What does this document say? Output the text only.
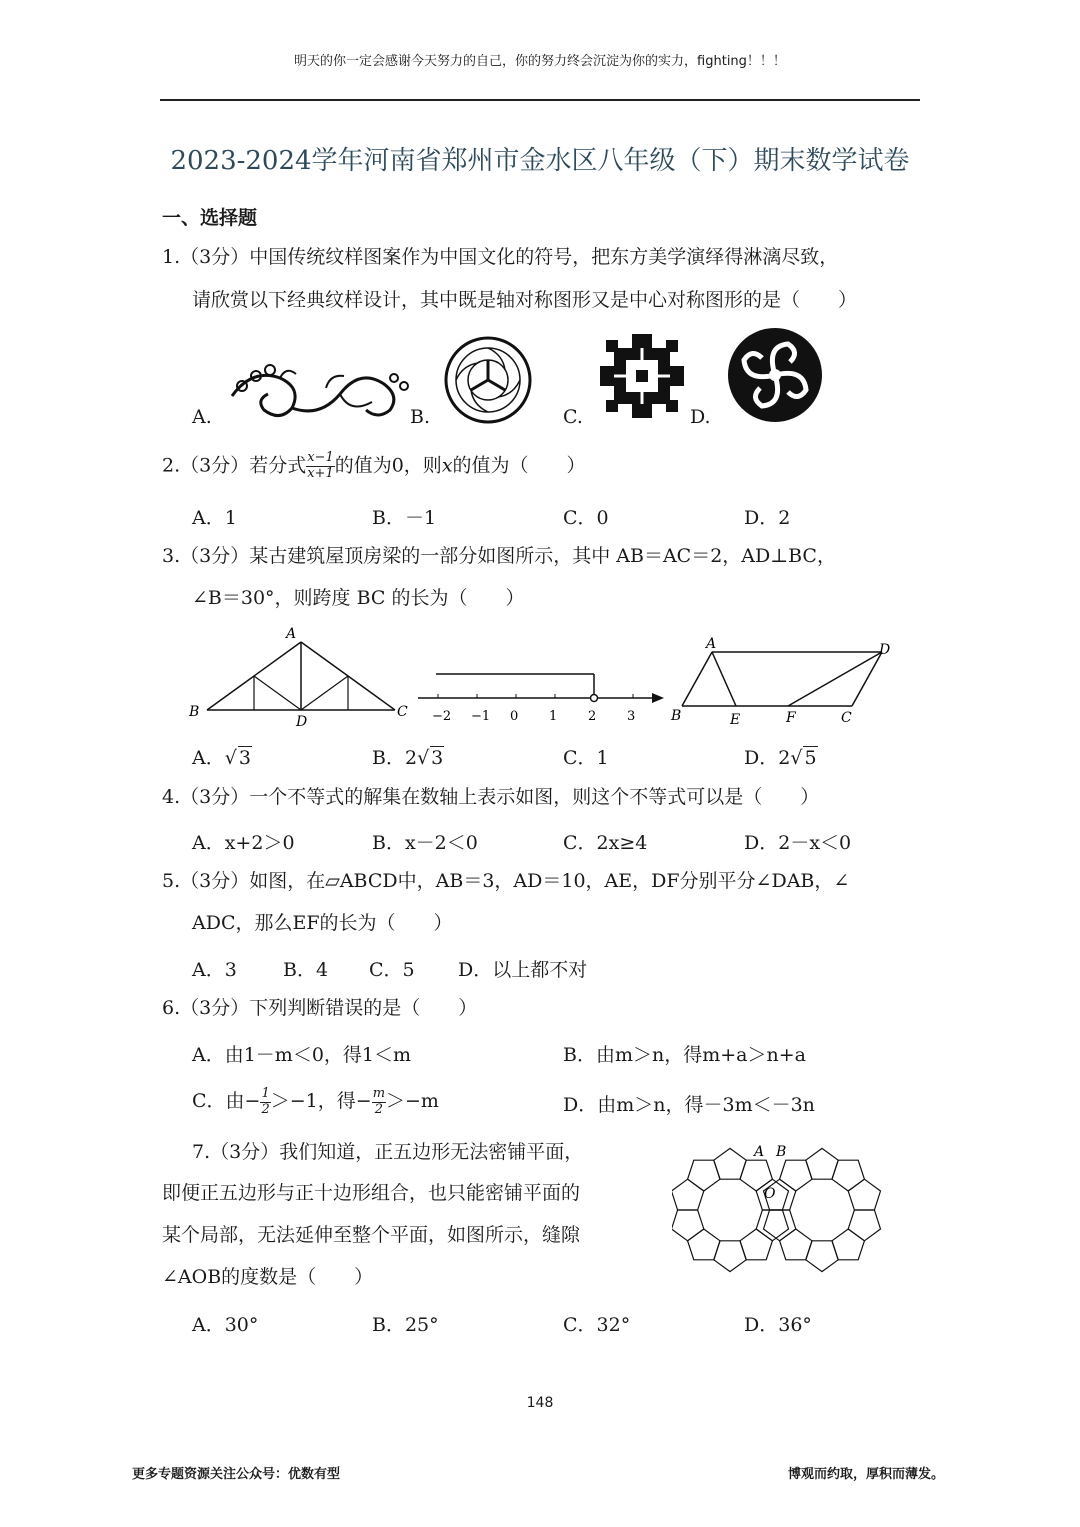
明天的你一定会感谢今天努力的自己，你的努力终会沉淀为你的实力，fighting！！！
2023-2024学年河南省郑州市金水区八年级（下）期末数学试卷
一、选择题
1.（3分）中国传统纹样图案作为中国文化的符号，把东方美学演绎得淋漓尽致，
请欣赏以下经典纹样设计，其中既是轴对称图形又是中心对称图形的是（　　）
A.	B.	C.	D.
2.（3分）若分式 $\frac{x-1}{x+1}$ 的值为0，则x的值为（　　）
A．1	B．－1	C．0	D．2
3.（3分）某古建筑屋顶房梁的一部分如图所示，其中 AB＝AC＝2，AD⊥BC，
∠B＝30°，则跨度 BC 的长为（　　）
A
B	C
D	−2 −1 0 1 2 3
A	D
B	E	F	C
A．√ 3	B．2√ 3	C．1	D．2√ 5
4.（3分）一个不等式的解集在数轴上表示如图，则这个不等式可以是（　　）
A．x+2＞0	B．x－2＜0	C．2x≥4	D．2－x＜0
5.（3分）如图，在▱ABCD中，AB＝3，AD＝10，AE，DF分别平分∠DAB，∠
ADC，那么EF的长为（　　）
A．3 B．4 C．5 D．以上都不对
6.（3分）下列判断错误的是（　　）
A．由1－m＜0，得1＜m	B．由m＞n，得m+a＞n+a
C．由− $\frac{1}{2} >-1$，得− $\frac{m}{2} >-m$	D．由m＞n，得－3m＜－3n
7.（3分）我们知道，正五边形无法密铺平面，
即便正五边形与正十边形组合，也只能密铺平面的
某个局部，无法延伸至整个平面，如图所示，缝隙
∠AOB的度数是（　　）
A B
O
A．30°	B．25°	C．32°	D．36°
148
更多专题资源关注公众号：优数有型	博观而约取，厚积而薄发。
